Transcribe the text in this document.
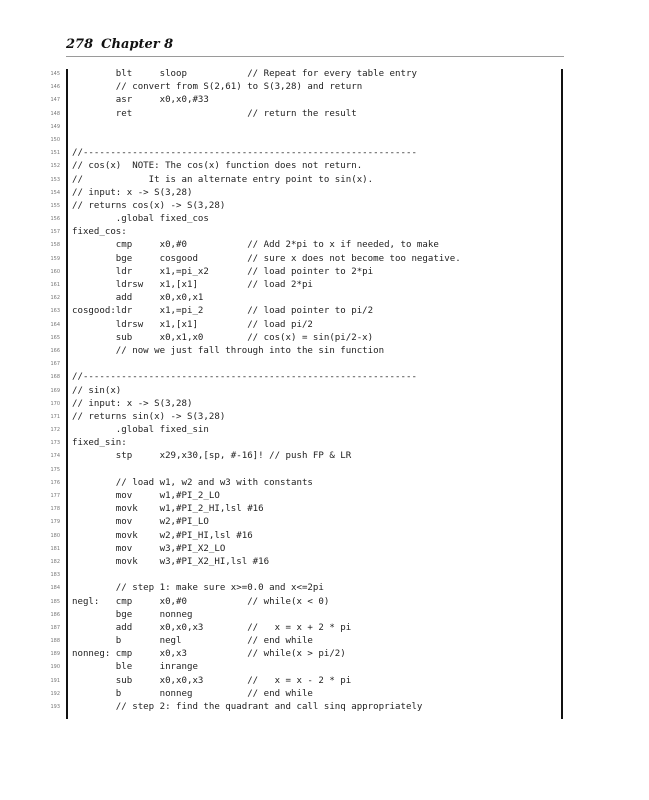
278 Chapter 8
145 blt     sloop           // Repeat for every table entry
146 // convert from S(2,61) to S(3,28) and return
147 asr     x0,x0,#33
148 ret                     // return the result
149
150
151 //-------------------------------------------------------------
152 // cos(x)  NOTE: The cos(x) function does not return.
153 //            It is an alternate entry point to sin(x).
154 // input: x -> S(3,28)
155 // returns cos(x) -> S(3,28)
156 .global fixed_cos
157 fixed_cos:
158 cmp     x0,#0           // Add 2*pi to x if needed, to make
159 bge     cosgood         // sure x does not become too negative.
160 ldr     x1,=pi_x2       // load pointer to 2*pi
161 ldrsw   x1,[x1]         // load 2*pi
162 add     x0,x0,x1
163 cosgood:ldr     x1,=pi_2        // load pointer to pi/2
164 ldrsw   x1,[x1]         // load pi/2
165 sub     x0,x1,x0        // cos(x) = sin(pi/2-x)
166 // now we just fall through into the sin function
167
168 //-------------------------------------------------------------
169 // sin(x)
170 // input: x -> S(3,28)
171 // returns sin(x) -> S(3,28)
172 .global fixed_sin
173 fixed_sin:
174 stp     x29,x30,[sp, #-16]! // push FP & LR
175
176 // load w1, w2 and w3 with constants
177 mov     w1,#PI_2_LO
178 movk    w1,#PI_2_HI,lsl #16
179 mov     w2,#PI_LO
180 movk    w2,#PI_HI,lsl #16
181 mov     w3,#PI_X2_LO
182 movk    w3,#PI_X2_HI,lsl #16
183
184 // step 1: make sure x>=0.0 and x<=2pi
185 negl:   cmp     x0,#0           // while(x < 0)
186 bge     nonneg
187 add     x0,x0,x3        //   x = x + 2 * pi
188 b       negl            // end while
189 nonneg: cmp     x0,x3           // while(x > pi/2)
190 ble     inrange
191 sub     x0,x0,x3        //   x = x - 2 * pi
192 b       nonneg          // end while
193 // step 2: find the quadrant and call sinq appropriately
